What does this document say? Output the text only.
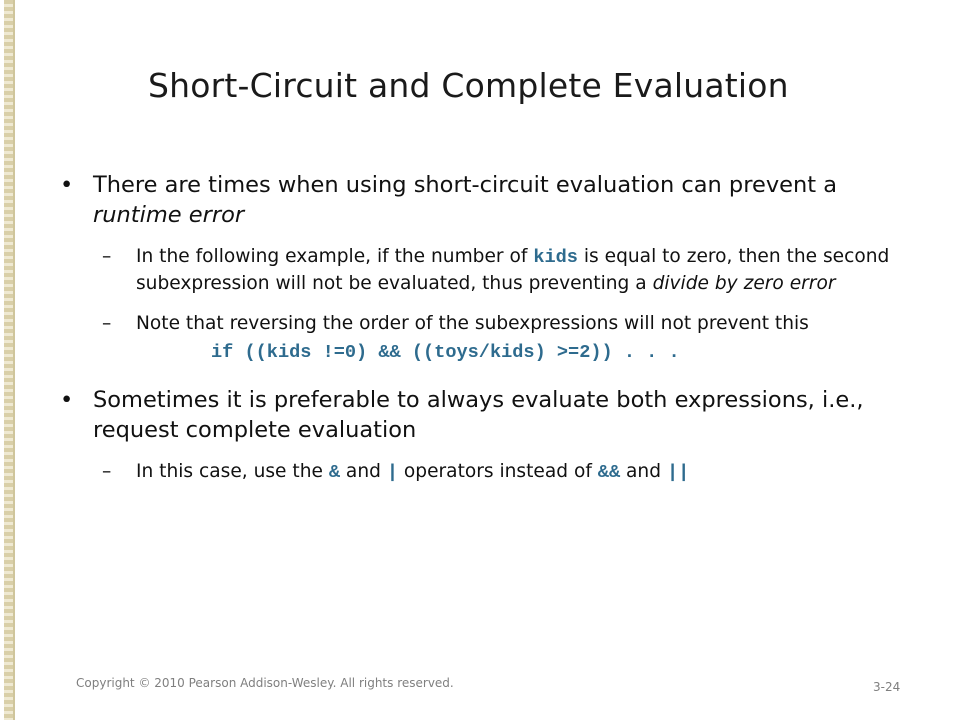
Short-Circuit and Complete Evaluation
• There are times when using short-circuit evaluation can prevent a runtime error
– In the following example, if the number of kids is equal to zero, then the second subexpression will not be evaluated, thus preventing a divide by zero error
– Note that reversing the order of the subexpressions will not prevent this
if ((kids !=0) && ((toys/kids) >=2)) . . .
• Sometimes it is preferable to always evaluate both expressions, i.e., request complete evaluation
– In this case, use the & and | operators instead of && and ||
Copyright © 2010 Pearson Addison-Wesley. All rights reserved.	3-24
